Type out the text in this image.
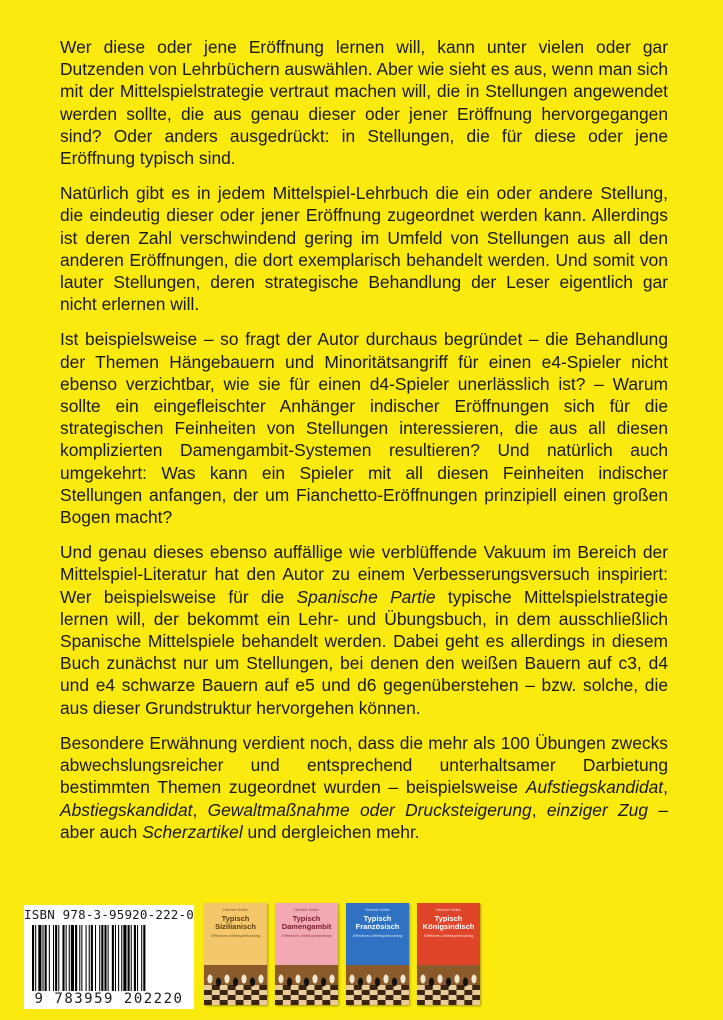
Wer diese oder jene Eröffnung lernen will, kann unter vielen oder gar Dutzenden von Lehrbüchern auswählen. Aber wie sieht es aus, wenn man sich mit der Mittelspielstrategie vertraut machen will, die in Stellungen angewendet werden sollte, die aus genau dieser oder jener Eröffnung hervorgegangen sind? Oder anders ausgedrückt: in Stellungen, die für diese oder jene Eröffnung typisch sind.

Natürlich gibt es in jedem Mittelspiel-Lehrbuch die ein oder andere Stellung, die eindeutig dieser oder jener Eröffnung zugeordnet werden kann. Allerdings ist deren Zahl verschwindend gering im Umfeld von Stellungen aus all den anderen Eröffnungen, die dort exemplarisch behandelt werden. Und somit von lauter Stellungen, deren strategische Behandlung der Leser eigentlich gar nicht erlernen will.

Ist beispielsweise – so fragt der Autor durchaus begründet – die Behandlung der Themen Hängebauern und Minoritätsangriff für einen e4-Spieler nicht ebenso verzichtbar, wie sie für einen d4-Spieler unerlässlich ist? – Warum sollte ein eingefleischter Anhänger indischer Eröffnungen sich für die strategischen Feinheiten von Stellungen interessieren, die aus all diesen komplizierten Damengambit-Systemen resultieren? Und natürlich auch umgekehrt: Was kann ein Spieler mit all diesen Feinheiten indischer Stellungen anfangen, der um Fianchetto-Eröffnungen prinzipiell einen großen Bogen macht?

Und genau dieses ebenso auffällige wie verblüffende Vakuum im Bereich der Mittelspiel-Literatur hat den Autor zu einem Verbesserungsversuch inspiriert: Wer beispielsweise für die Spanische Partie typische Mittelspielstrategie lernen will, der bekommt ein Lehr- und Übungsbuch, in dem ausschließlich Spanische Mittelspiele behandelt werden. Dabei geht es allerdings in diesem Buch zunächst nur um Stellungen, bei denen den weißen Bauern auf c3, d4 und e4 schwarze Bauern auf e5 und d6 gegenüberstehen – bzw. solche, die aus dieser Grundstruktur hervorgehen können.

Besondere Erwähnung verdient noch, dass die mehr als 100 Übungen zwecks abwechslungsreicher und entsprechend unterhaltsamer Darbietung bestimmten Themen zugeordnet wurden – beispielsweise Aufstiegskandidat, Abstiegskandidat, Gewaltmaßnahme oder Drucksteigerung, einziger Zug – aber auch Scherzartikel und dergleichen mehr.

ISBN 978-3-95920-222-0
9 783959 202220
Herbert Heller
Typisch Sizilianisch
Effektives Mittelspieltraining
Herbert Heller
Typisch Damengambit
Effektives Mittelspieltraining
Herbert Heller
Typisch Französisch
Effektives Mittelspieltraining
Herbert Heller
Typisch Königsindisch
Effektives Mittelspieltraining
